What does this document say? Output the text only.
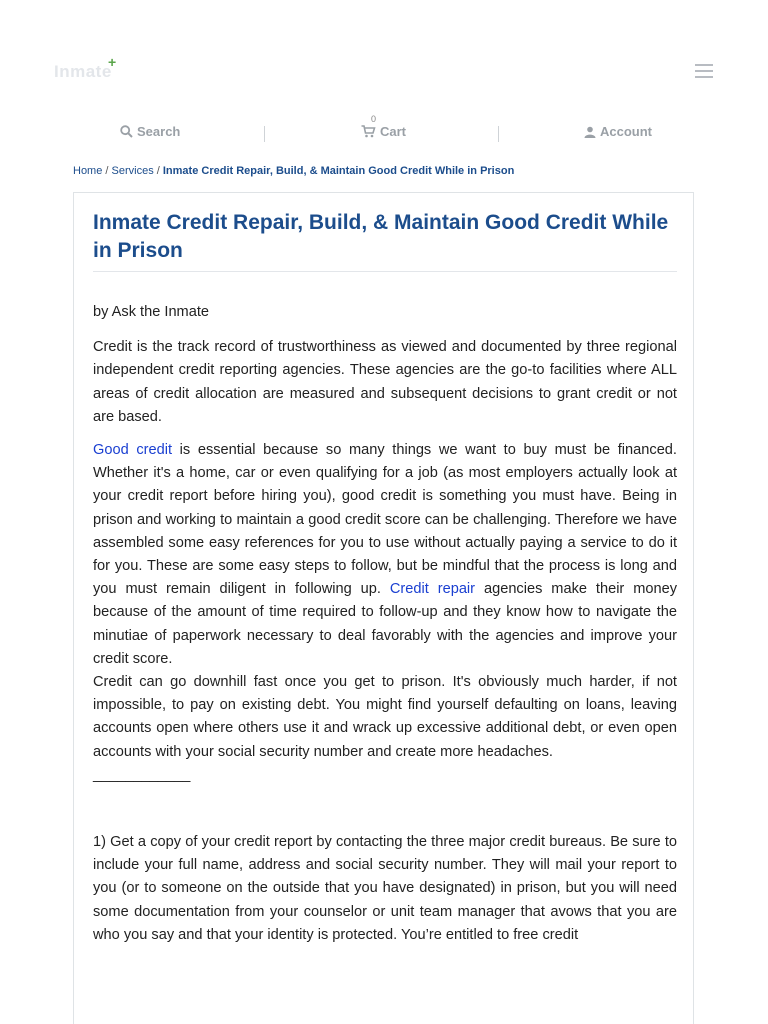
+
Inmate
Search	Cart
0
Account
Home / Services / Inmate Credit Repair, Build, & Maintain Good Credit While in Prison
Inmate Credit Repair, Build, & Maintain Good Credit While in Prison

by Ask the Inmate

Credit is the track record of trustworthiness as viewed and documented by three regional independent credit reporting agencies. These agencies are the go-to facilities where ALL areas of credit allocation are measured and subsequent decisions to grant credit or not are based.

Good credit is essential because so many things we want to buy must be financed. Whether it's a home, car or even qualifying for a job (as most employers actually look at your credit report before hiring you), good credit is something you must have. Being in prison and working to maintain a good credit score can be challenging. Therefore we have assembled some easy references for you to use without actually paying a service to do it for you. These are some easy steps to follow, but be mindful that the process is long and you must remain diligent in following up. Credit repair agencies make their money because of the amount of time required to follow-up and they know how to navigate the minutiae of paperwork necessary to deal favorably with the agencies and improve your credit score.

Credit can go downhill fast once you get to prison. It's obviously much harder, if not impossible, to pay on existing debt. You might find yourself defaulting on loans, leaving accounts open where others use it and wrack up excessive additional debt, or even open accounts with your social security number and create more headaches.

____________

1) Get a copy of your credit report by contacting the three major credit bureaus. Be sure to include your full name, address and social security number. They will mail your report to you (or to someone on the outside that you have designated) in prison, but you will need some documentation from your counselor or unit team manager that avows that you are who you say and that your identity is protected. You’re entitled to free credit
